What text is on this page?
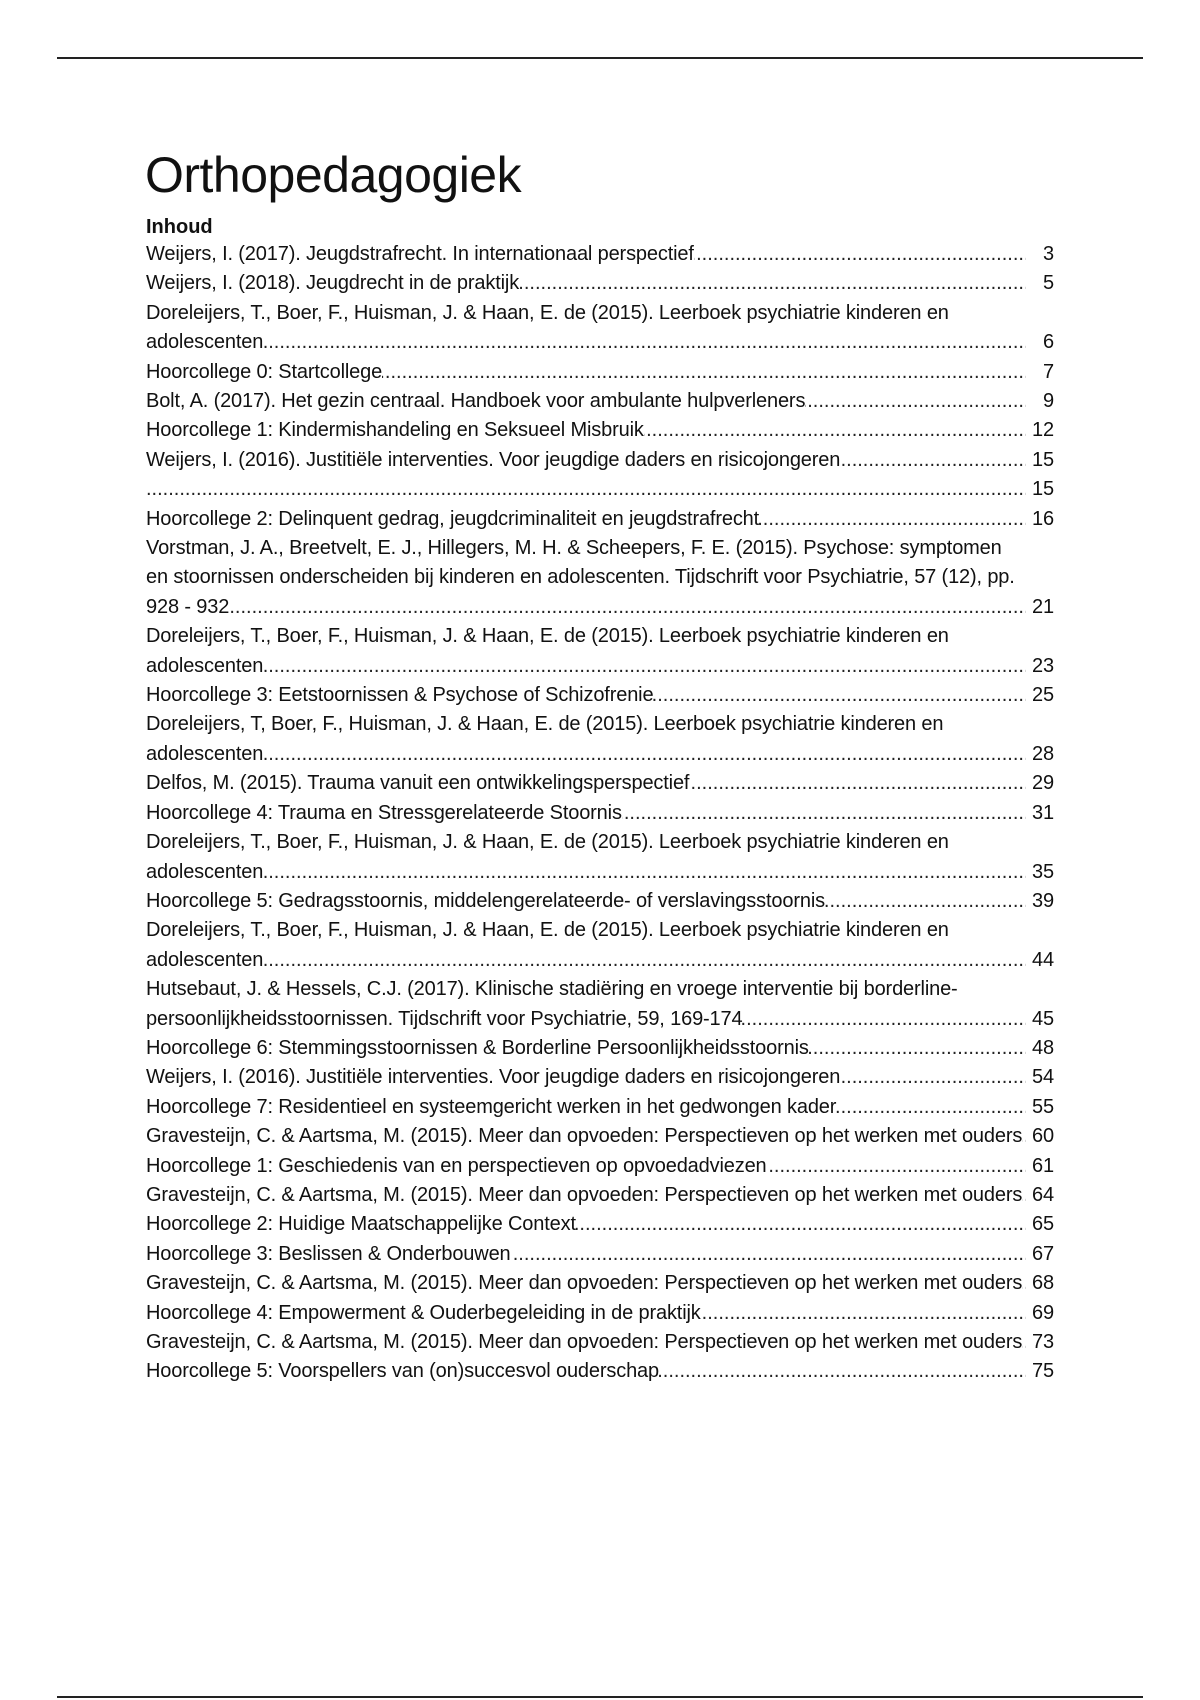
Orthopedagogiek
Inhoud
.....
Weijers, I. (2017). Jeugdstrafrecht. In internationaal perspectief	3
.....
Weijers, I. (2018). Jeugdrecht in de praktijk	5
.....
Doreleijers, T., Boer, F., Huisman, J. & Haan, E. de (2015). Leerboek psychiatrie kinderen en adolescenten	6
.....
Hoorcollege 0: Startcollege	7
.....
Bolt, A. (2017). Het gezin centraal. Handboek voor ambulante hulpverleners	9
.....
Hoorcollege 1: Kindermishandeling en Seksueel Misbruik	12
.....
Weijers, I. (2016). Justitiële interventies. Voor jeugdige daders en risicojongeren	15
.....
15
.....
Hoorcollege 2: Delinquent gedrag, jeugdcriminaliteit en jeugdstrafrecht	16
.....
Vorstman, J. A., Breetvelt, E. J., Hillegers, M. H. & Scheepers, F. E. (2015). Psychose: symptomen en stoornissen onderscheiden bij kinderen en adolescenten. Tijdschrift voor Psychiatrie, 57 (12), pp. 928 - 932	21
.....
Doreleijers, T., Boer, F., Huisman, J. & Haan, E. de (2015). Leerboek psychiatrie kinderen en adolescenten	23
.....
Hoorcollege 3: Eetstoornissen & Psychose of Schizofrenie	25
.....
Doreleijers, T, Boer, F., Huisman, J. & Haan, E. de (2015). Leerboek psychiatrie kinderen en adolescenten	28
.....
Delfos, M. (2015). Trauma vanuit een ontwikkelingsperspectief	29
.....
Hoorcollege 4: Trauma en Stressgerelateerde Stoornis	31
.....
Doreleijers, T., Boer, F., Huisman, J. & Haan, E. de (2015). Leerboek psychiatrie kinderen en adolescenten	35
.....
Hoorcollege 5: Gedragsstoornis, middelengerelateerde- of verslavingsstoornis	39
.....
Doreleijers, T., Boer, F., Huisman, J. & Haan, E. de (2015). Leerboek psychiatrie kinderen en adolescenten	44
.....
Hutsebaut, J. & Hessels, C.J. (2017). Klinische stadiëring en vroege interventie bij borderline- persoonlijkheidsstoornissen. Tijdschrift voor Psychiatrie, 59, 169-174	45
.....
Hoorcollege 6: Stemmingsstoornissen & Borderline Persoonlijkheidsstoornis	48
.....
Weijers, I. (2016). Justitiële interventies. Voor jeugdige daders en risicojongeren	54
.....
Hoorcollege 7: Residentieel en systeemgericht werken in het gedwongen kader	55
.....
Gravesteijn, C. & Aartsma, M. (2015). Meer dan opvoeden: Perspectieven op het werken met ouders 60
.....
Hoorcollege 1: Geschiedenis van en perspectieven op opvoedadviezen	61
.....
Gravesteijn, C. & Aartsma, M. (2015). Meer dan opvoeden: Perspectieven op het werken met ouders 64
.....
Hoorcollege 2: Huidige Maatschappelijke Context	65
.....
Hoorcollege 3: Beslissen & Onderbouwen	67
.....
Gravesteijn, C. & Aartsma, M. (2015). Meer dan opvoeden: Perspectieven op het werken met ouders 68
.....
Hoorcollege 4: Empowerment & Ouderbegeleiding in de praktijk	69
.....
Gravesteijn, C. & Aartsma, M. (2015). Meer dan opvoeden: Perspectieven op het werken met ouders 73
.....
Hoorcollege 5: Voorspellers van (on)succesvol ouderschap	75
